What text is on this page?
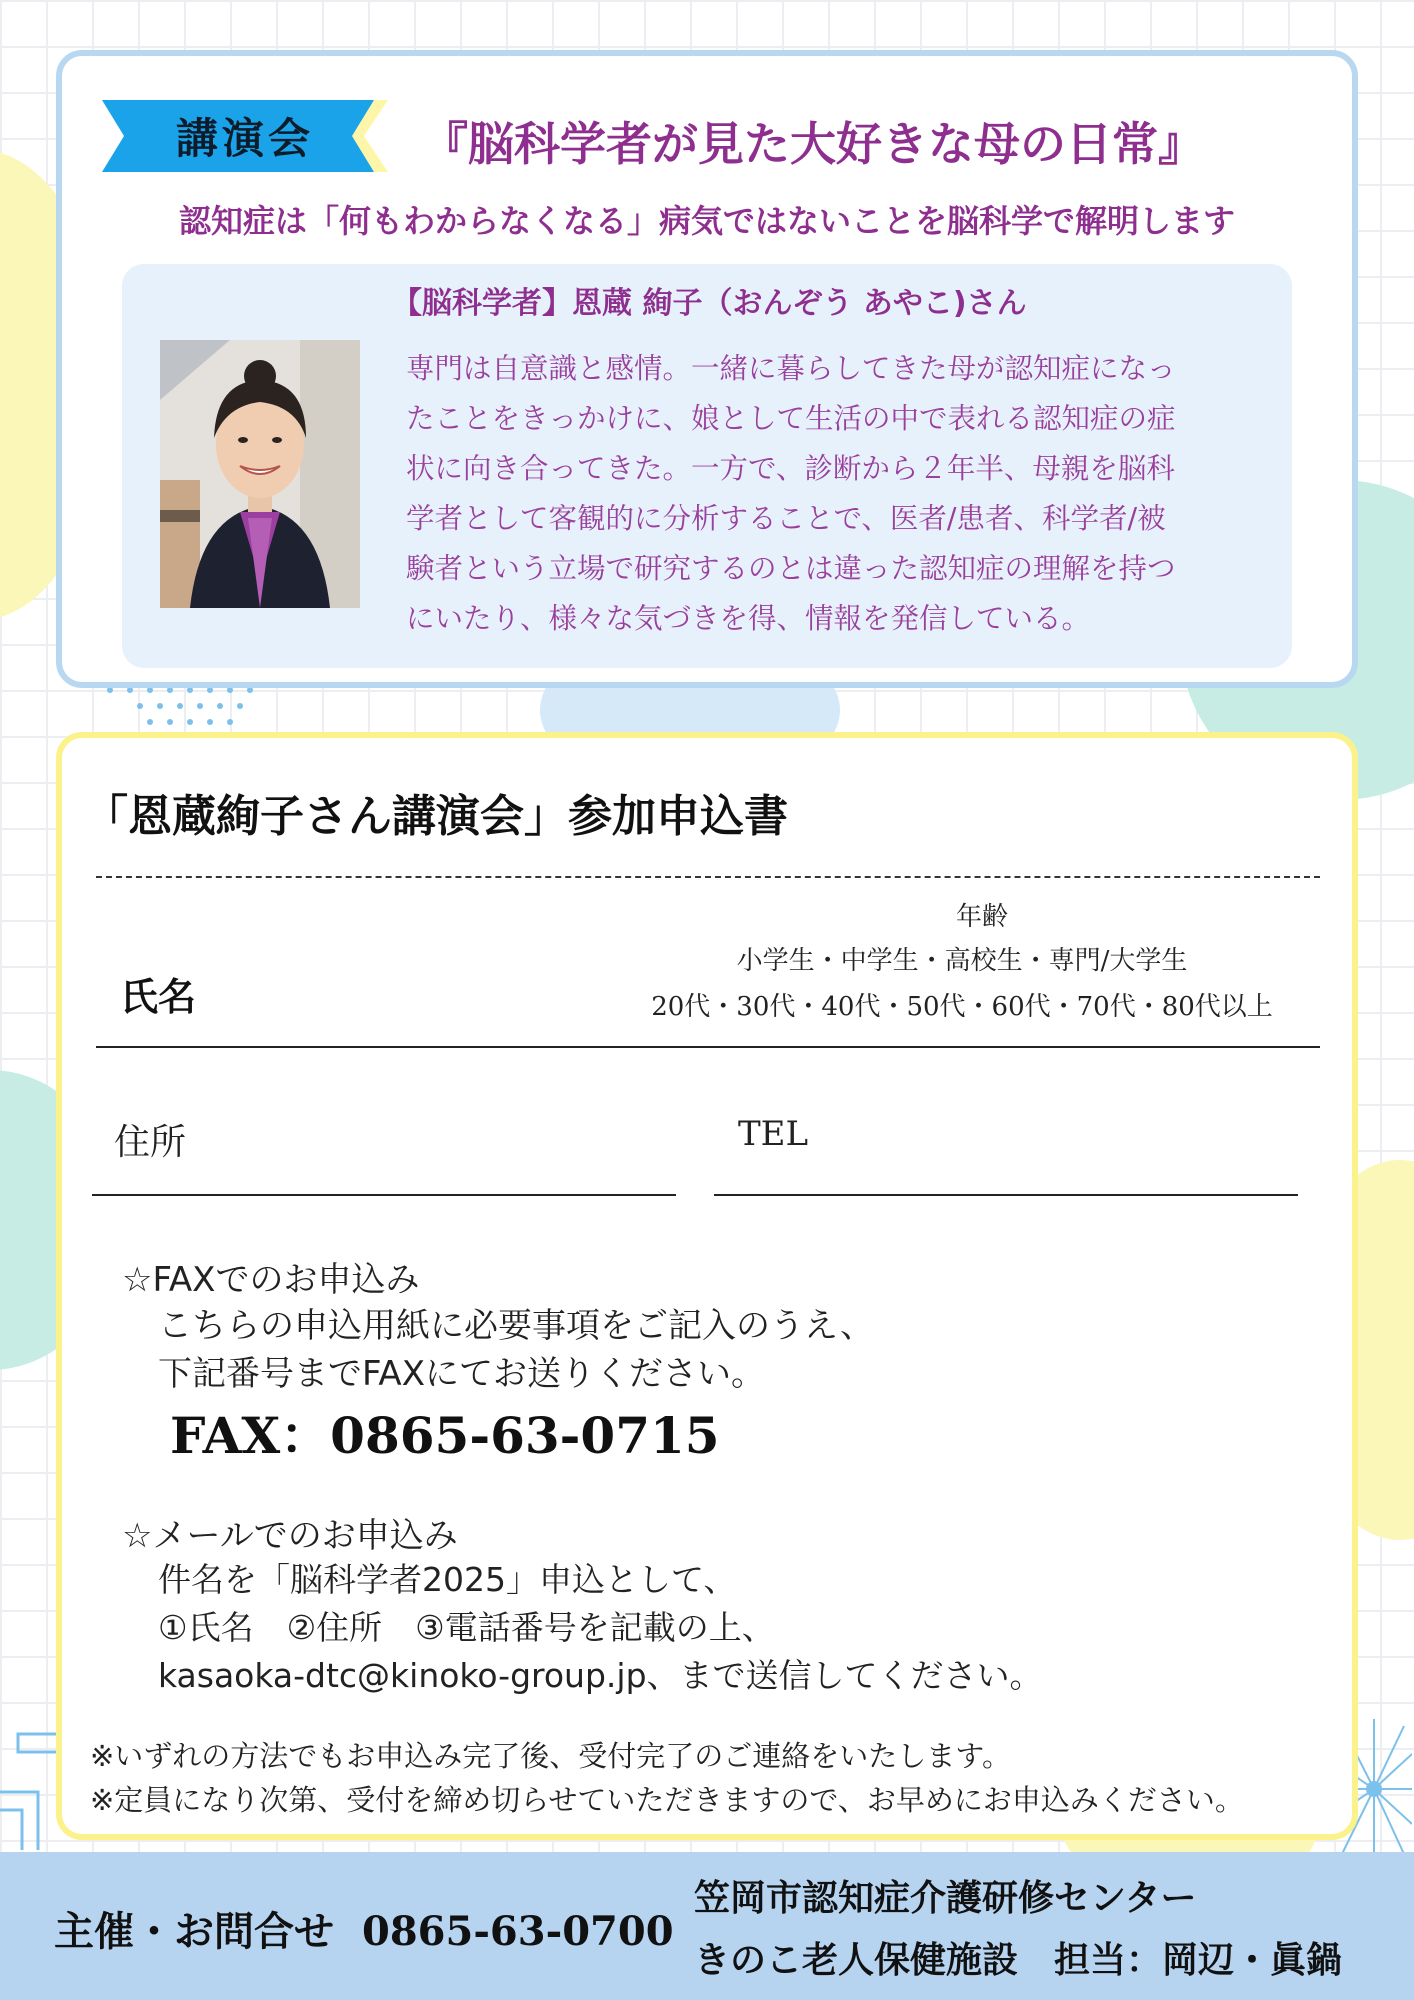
講演会	『脳科学者が見た大好きな母の日常』

認知症は「何もわからなくなる」病気ではないことを脳科学で解明します

【脳科学者】恩蔵 絢子（おんぞう あやこ)さん
専門は自意識と感情。一緒に暮らしてきた母が認知症になっ
たことをきっかけに、娘として生活の中で表れる認知症の症
状に向き合ってきた。一方で、診断から２年半、母親を脳科
学者として客観的に分析することで、医者/患者、科学者/被
験者という立場で研究するのとは違った認知症の理解を持つ
にいたり、様々な気づきを得、情報を発信している。
「恩蔵絢子さん講演会」参加申込書
氏名
年齢
小学生・中学生・高校生・専門/大学生
20代・30代・40代・50代・60代・70代・80代以上
住所	TEL
☆FAXでのお申込み
こちらの申込用紙に必要事項をご記入のうえ、
下記番号までFAXにてお送りください。
FAX：0865-63-0715
☆メールでのお申込み
件名を「脳科学者2025」申込として、
①氏名　②住所　③電話番号を記載の上、
kasaoka-dtc@kinoko-group.jp、まで送信してください。
※いずれの方法でもお申込み完了後、受付完了のご連絡をいたします。
※定員になり次第、受付を締め切らせていただきますので、お早めにお申込みください。
主催・お問合せ 0865-63-0700
笠岡市認知症介護研修センター
きのこ老人保健施設　担当：岡辺・眞鍋
